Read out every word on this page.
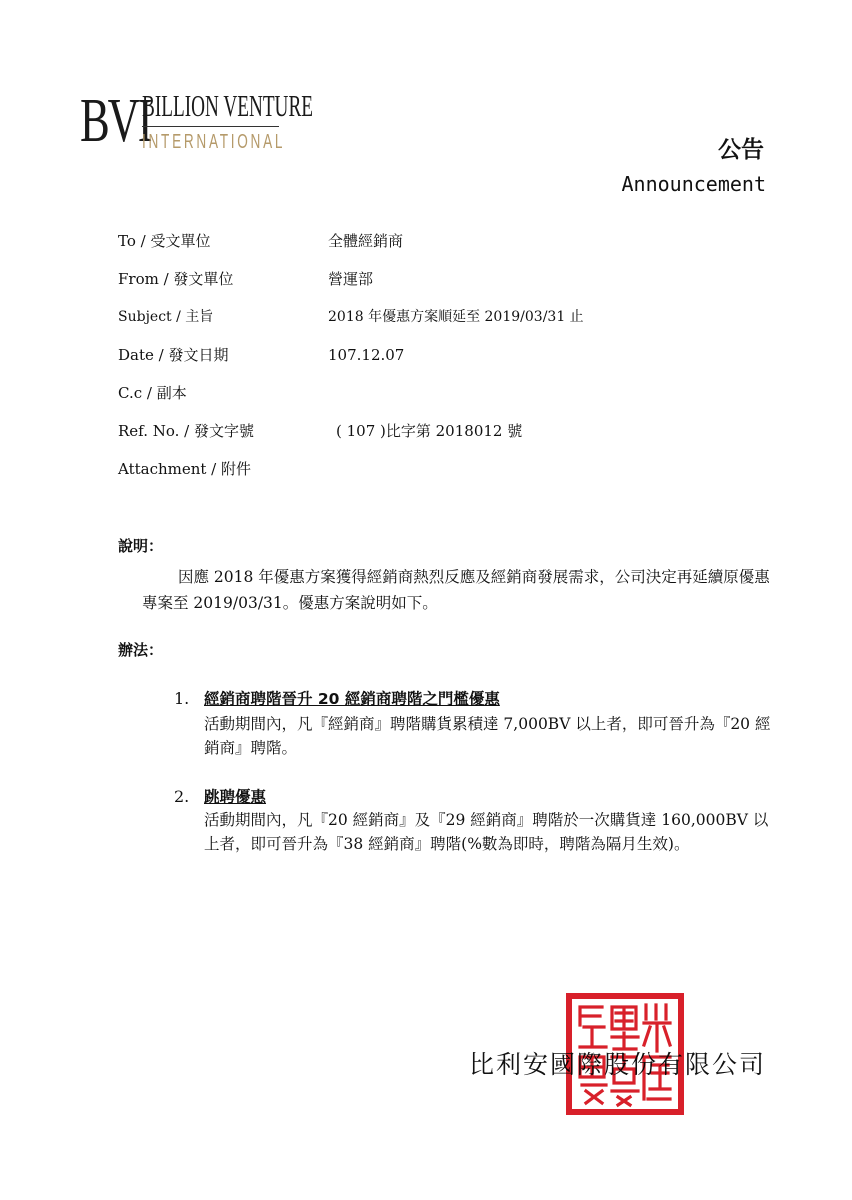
BVI
BILLION VENTURE
INTERNATIONAL	公告
Announcement
To / 受文單位	全體經銷商
From / 發文單位	營運部
Subject / 主旨	2018 年優惠方案順延至 2019/03/31 止
Date / 發文日期	107.12.07
C.c / 副本
Ref. No. / 發文字號	( 107 )比字第 2018012 號
Attachment / 附件
說明：
因應 2018 年優惠方案獲得經銷商熱烈反應及經銷商發展需求，公司決定再延續原優惠專案至 2019/03/31。優惠方案說明如下。
辦法：
1. 經銷商聘階晉升 20 經銷商聘階之門檻優惠
活動期間內，凡『經銷商』聘階購貨累積達 7,000BV 以上者，即可晉升為『20 經銷商』聘階。
2. 跳聘優惠
活動期間內，凡『20 經銷商』及『29 經銷商』聘階於一次購貨達 160,000BV 以上者，即可晉升為『38 經銷商』聘階(%數為即時，聘階為隔月生效)。
比利安國際股份有限公司
